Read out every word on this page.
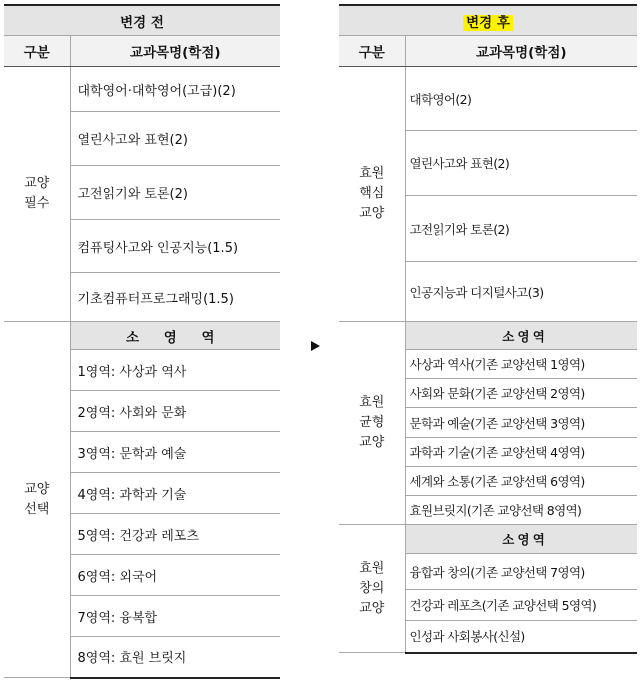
변경 전	
구분	교과목명(학점)

교양
필수	대학영어·대학영어(고급)(2)
	열린사고와 표현(2)
	고전읽기와 토론(2)
	컴퓨팅사고와 인공지능(1.5)
	기초컴퓨터프로그래밍(1.5)

교양
선택	소 영 역
	1영역: 사상과 역사
	2영역: 사회와 문화
	3영역: 문학과 예술
	4영역: 과학과 기술
	5영역: 건강과 레포츠
	6영역: 외국어
	7영역: 융복합
	8영역: 효원 브릿지
변경 후	
구분	교과목명(학점)

효원
핵심
교양	대학영어(2)
	열린사고와 표현(2)
	고전읽기와 토론(2)
	인공지능과 디지털사고(3)

효원
균형
교양	소 영 역
	사상과 역사(기존 교양선택 1영역)
	사회와 문화(기존 교양선택 2영역)
	문학과 예술(기존 교양선택 3영역)
	과학과 기술(기존 교양선택 4영역)
	세계와 소통(기존 교양선택 6영역)
	효원브릿지(기존 교양선택 8영역)

효원
창의
교양	소 영 역
	융합과 창의(기존 교양선택 7영역)
	건강과 레포츠(기존 교양선택 5영역)
	인성과 사회봉사(신설)
